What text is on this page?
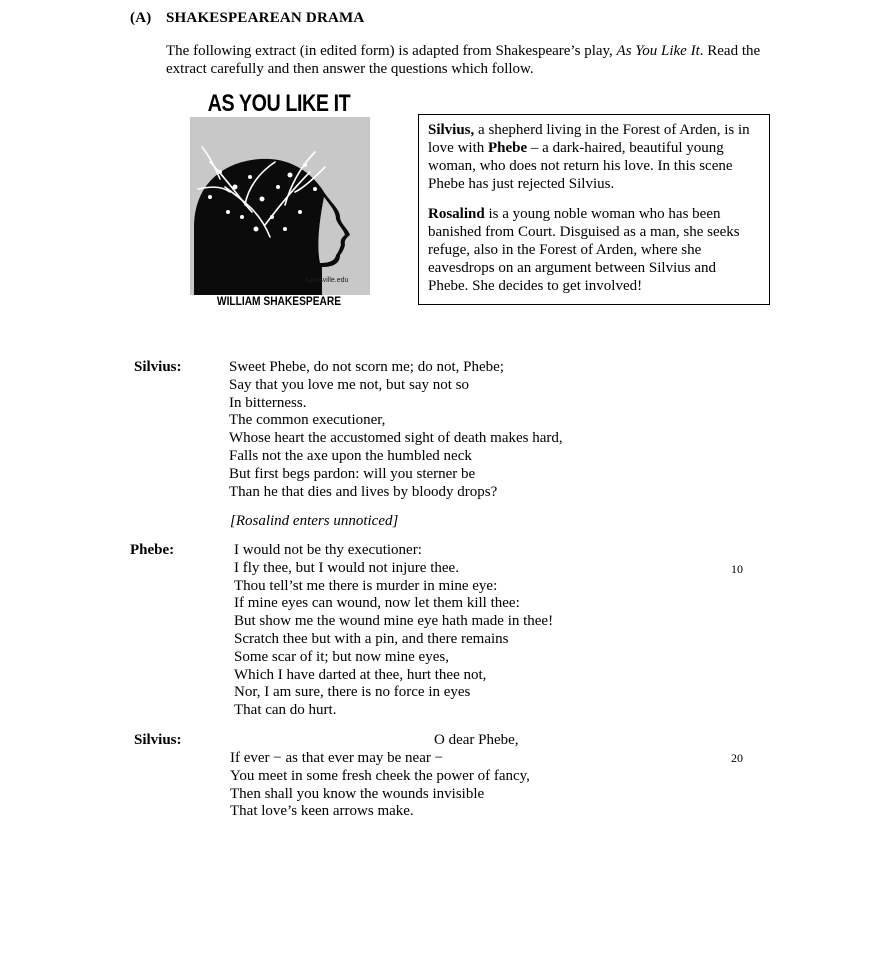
(A) SHAKESPEAREAN DRAMA
The following extract (in edited form) is adapted from Shakespeare’s play, As You Like It. Read the extract carefully and then answer the questions which follow.
AS YOU LIKE IT
Louisville.edu
WILLIAM SHAKESPEARE

Silvius, a shepherd living in the Forest of Arden, is in love with Phebe – a dark-haired, beautiful young woman, who does not return his love. In this scene Phebe has just rejected Silvius.

Rosalind is a young noble woman who has been banished from Court. Disguised as a man, she seeks refuge, also in the Forest of Arden, where she eavesdrops on an argument between Silvius and Phebe. She decides to get involved!

Silvius:	Sweet Phebe, do not scorn me; do not, Phebe;
Say that you love me not, but say not so
In bitterness.
The common executioner,
Whose heart the accustomed sight of death makes hard,
Falls not the axe upon the humbled neck
But first begs pardon: will you sterner be
Than he that dies and lives by bloody drops?
[Rosalind enters unnoticed]
Phebe:	I would not be thy executioner:
I fly thee, but I would not injure thee.
Thou tell’st me there is murder in mine eye:
If mine eyes can wound, now let them kill thee:
But show me the wound mine eye hath made in thee!
Scratch thee but with a pin, and there remains
Some scar of it; but now mine eyes,
Which I have darted at thee, hurt thee not,
Nor, I am sure, there is no force in eyes
That can do hurt.
10
Silvius:	O dear Phebe,
If ever − as that ever may be near −
You meet in some fresh cheek the power of fancy,
Then shall you know the wounds invisible
That love’s keen arrows make.
20
